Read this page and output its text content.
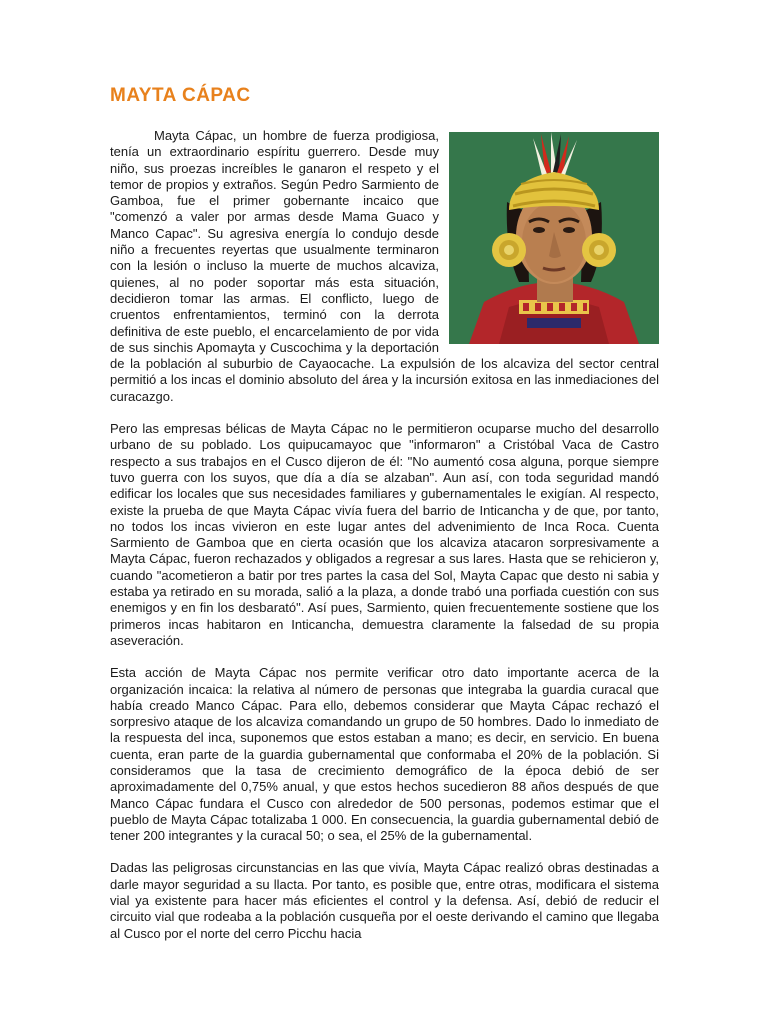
MAYTA CÁPAC

Mayta Cápac, un hombre de fuerza prodigiosa, tenía un extraordinario espíritu guerrero. Desde muy niño, sus proezas increíbles le ganaron el respeto y el temor de propios y extraños. Según Pedro Sarmiento de Gamboa, fue el primer gobernante incaico que "comenzó a valer por armas desde Mama Guaco y Manco Capac". Su agresiva energía lo condujo desde niño a frecuentes reyertas que usualmente terminaron con la lesión o incluso la muerte de muchos alcaviza, quienes, al no poder soportar más esta situación, decidieron tomar las armas. El conflicto, luego de cruentos enfrentamientos, terminó con la derrota definitiva de este pueblo, el encarcelamiento de por vida de sus sinchis Apomayta y Cuscochima y la deportación de la población al suburbio de Cayaocache. La expulsión de los alcaviza del sector central permitió a los incas el dominio absoluto del área y la incursión exitosa en las inmediaciones del curacazgo.

Pero las empresas bélicas de Mayta Cápac no le permitieron ocuparse mucho del desarrollo urbano de su poblado. Los quipucamayoc que "informaron" a Cristóbal Vaca de Castro respecto a sus trabajos en el Cusco dijeron de él: "No aumentó cosa alguna, porque siempre tuvo guerra con los suyos, que día a día se alzaban". Aun así, con toda seguridad mandó edificar los locales que sus necesidades familiares y gubernamentales le exigían. Al respecto, existe la prueba de que Mayta Cápac vivía fuera del barrio de Inticancha y de que, por tanto, no todos los incas vivieron en este lugar antes del advenimiento de Inca Roca. Cuenta Sarmiento de Gamboa que en cierta ocasión que los alcaviza atacaron sorpresivamente a Mayta Cápac, fueron rechazados y obligados a regresar a sus lares. Hasta que se rehicieron y, cuando "acometieron a batir por tres partes la casa del Sol, Mayta Capac que desto ni sabia y estaba ya retirado en su morada, salió a la plaza, a donde trabó una porfiada cuestión con sus enemigos y en fin los desbarató". Así pues, Sarmiento, quien frecuentemente sostiene que los primeros incas habitaron en Inticancha, demuestra claramente la falsedad de su propia aseveración.

Esta acción de Mayta Cápac nos permite verificar otro dato importante acerca de la organización incaica: la relativa al número de personas que integraba la guardia curacal que había creado Manco Cápac. Para ello, debemos considerar que Mayta Cápac rechazó el sorpresivo ataque de los alcaviza comandando un grupo de 50 hombres. Dado lo inmediato de la respuesta del inca, suponemos que estos estaban a mano; es decir, en servicio. En buena cuenta, eran parte de la guardia gubernamental que conformaba el 20% de la población. Si consideramos que la tasa de crecimiento demográfico de la época debió de ser aproximadamente del 0,75% anual, y que estos hechos sucedieron 88 años después de que Manco Cápac fundara el Cusco con alrededor de 500 personas, podemos estimar que el pueblo de Mayta Cápac totalizaba 1 000. En consecuencia, la guardia gubernamental debió de tener 200 integrantes y la curacal 50; o sea, el 25% de la gubernamental.

Dadas las peligrosas circunstancias en las que vivía, Mayta Cápac realizó obras destinadas a darle mayor seguridad a su llacta. Por tanto, es posible que, entre otras, modificara el sistema vial ya existente para hacer más eficientes el control y la defensa. Así, debió de reducir el circuito vial que rodeaba a la población cusqueña por el oeste derivando el camino que llegaba al Cusco por el norte del cerro Picchu hacia
